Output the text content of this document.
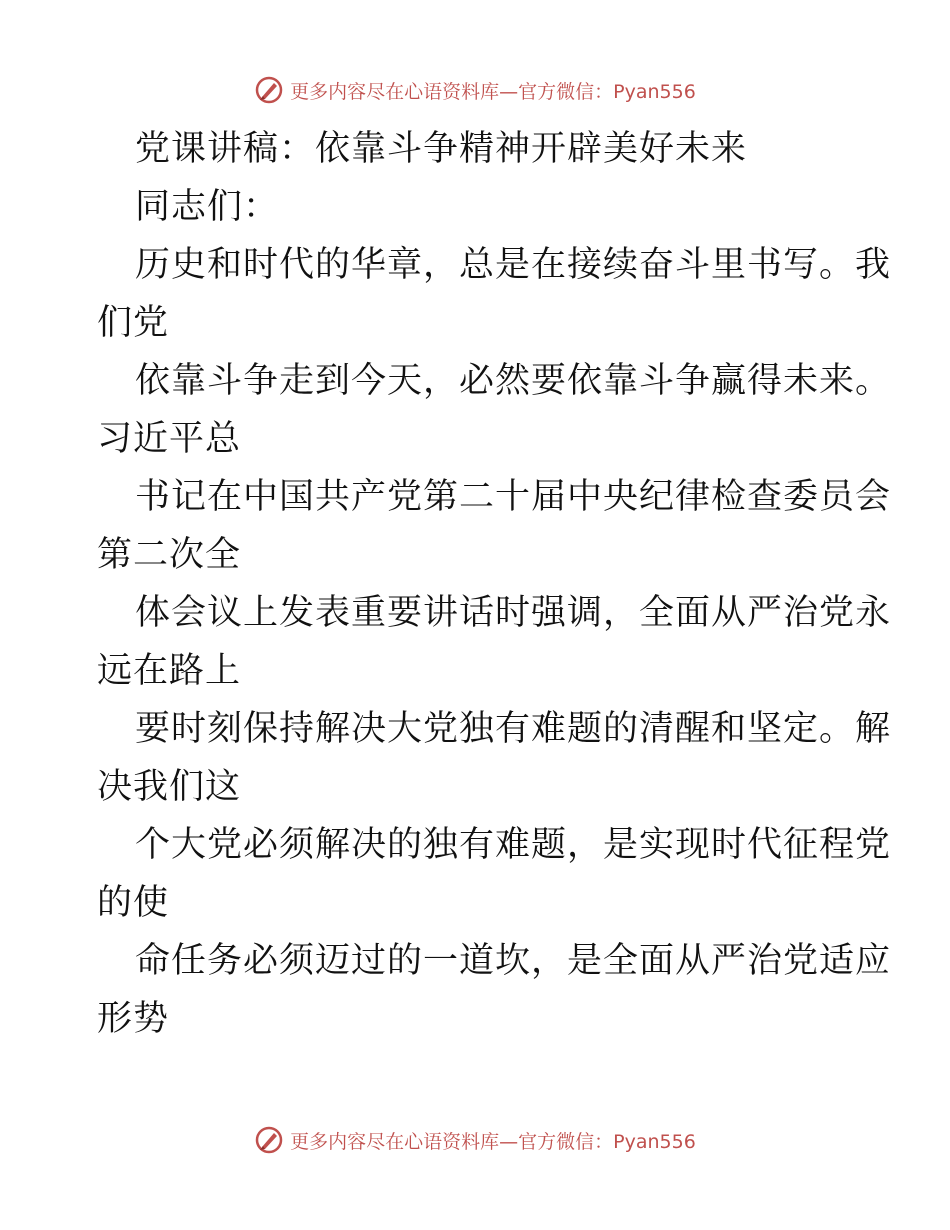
更多内容尽在心语资料库—官方微信：Pyan556
党课讲稿：依靠斗争精神开辟美好未来
同志们：
历史和时代的华章，总是在接续奋斗里书写。我
们党
依靠斗争走到今天，必然要依靠斗争赢得未来。
习近平总
书记在中国共产党第二十届中央纪律检查委员会
第二次全
体会议上发表重要讲话时强调，全面从严治党永
远在路上
要时刻保持解决大党独有难题的清醒和坚定。解
决我们这
个大党必须解决的独有难题，是实现时代征程党
的使
命任务必须迈过的一道坎，是全面从严治党适应
形势
更多内容尽在心语资料库—官方微信：Pyan556
